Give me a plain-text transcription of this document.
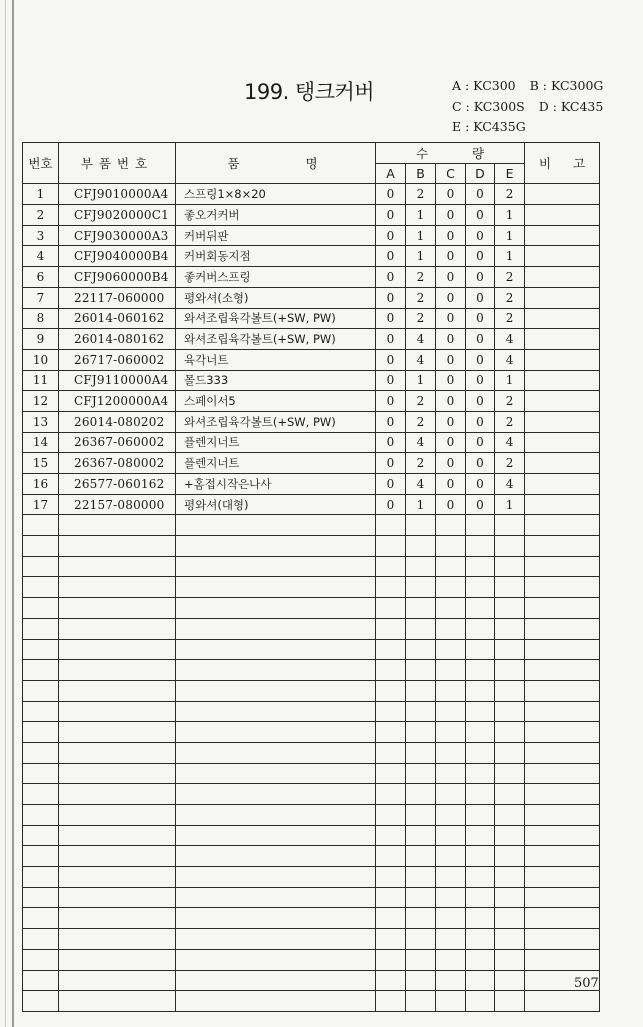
199. 탱크커버	A : KC300 B : KC300G
C : KC300S D : KC435
E : KC435G
번호	부품번호	품 명	수 량					비 고
			A	B	C	D	E	
1	CFJ9010000A4	스프링1×8×20	0	2	0	0	2	
2	CFJ9020000C1	좋오거커버	0	1	0	0	1	
3	CFJ9030000A3	커버뒤판	0	1	0	0	1	
4	CFJ9040000B4	커버회동지점	0	1	0	0	1	
6	CFJ9060000B4	좋커버스프링	0	2	0	0	2	
7	22117-060000	평와셔(소형)	0	2	0	0	2	
8	26014-060162	와셔조립육각볼트(+SW, PW)	0	2	0	0	2	
9	26014-080162	와셔조립육각볼트(+SW, PW)	0	4	0	0	4	
10	26717-060002	육각너트	0	4	0	0	4	
11	CFJ9110000A4	몰드333	0	1	0	0	1	
12	CFJ1200000A4	스페이서5	0	2	0	0	2	
13	26014-080202	와셔조립육각볼트(+SW, PW)	0	2	0	0	2	
14	26367-060002	플렌지너트	0	4	0	0	4	
15	26367-080002	플렌지너트	0	2	0	0	2	
16	26577-060162	+홈접시작은나사	0	4	0	0	4	
17	22157-080000	평와셔(대형)	0	1	0	0	1	

507
